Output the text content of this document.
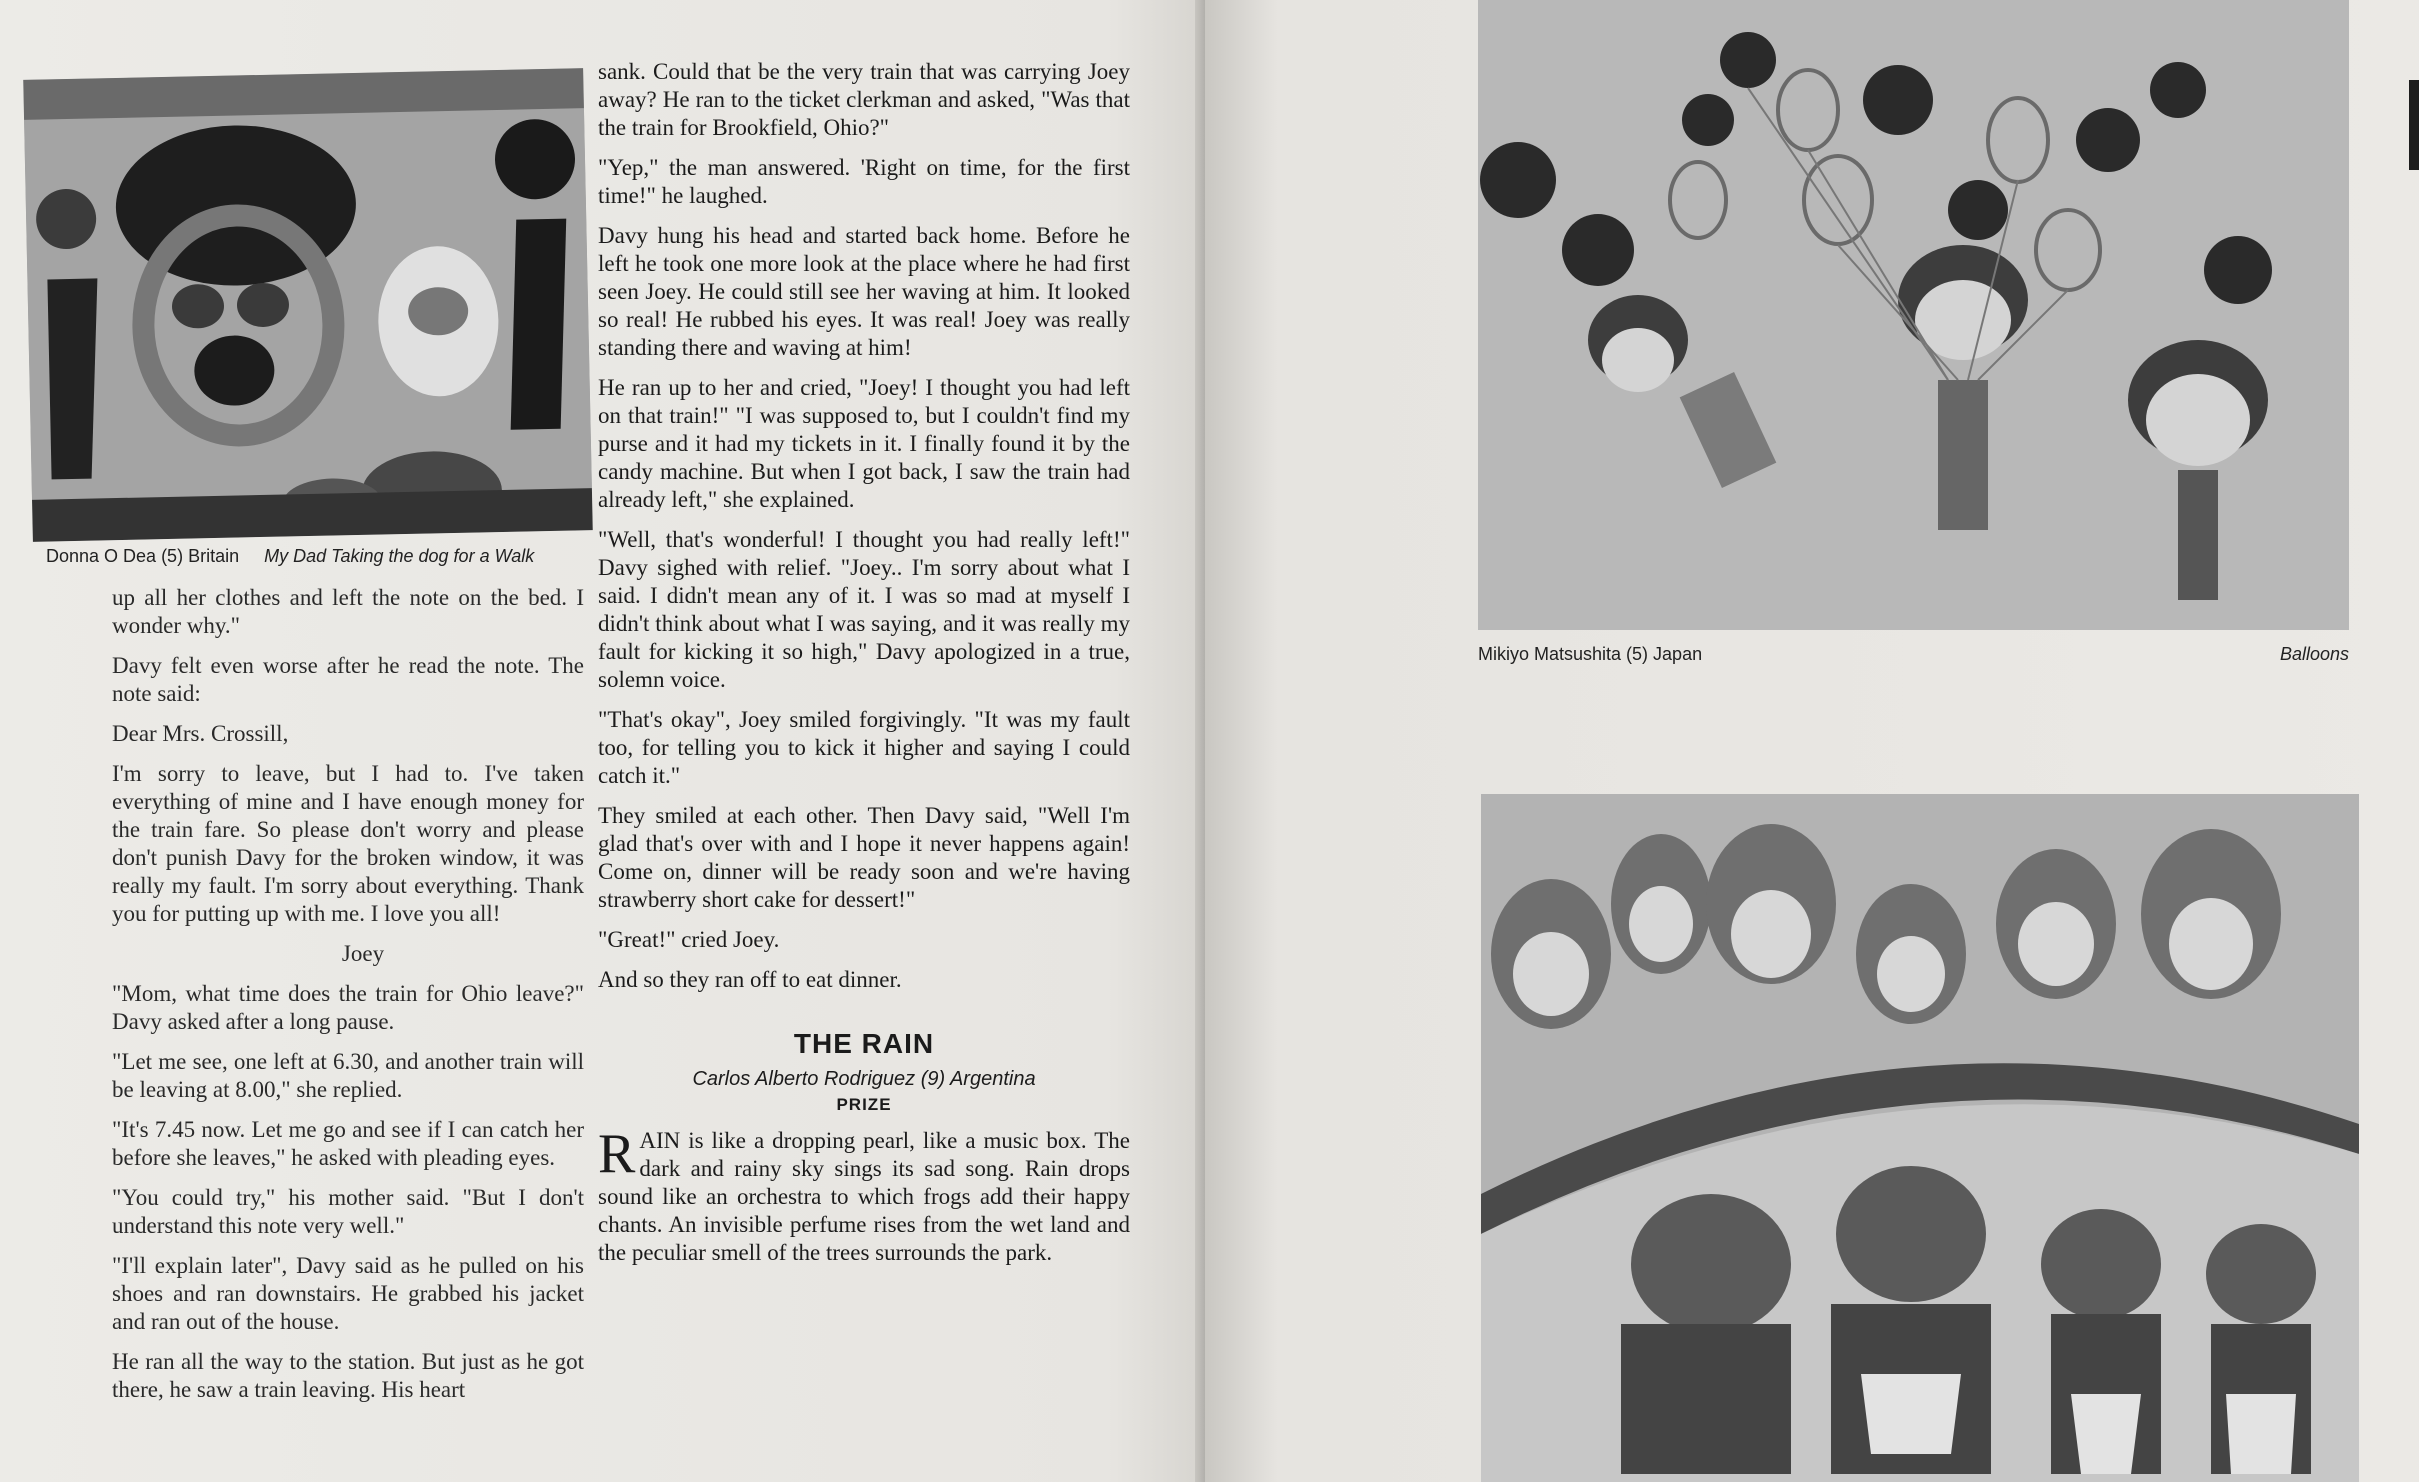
Donna O Dea (5) Britain My Dad Taking the dog for a Walk

up all her clothes and left the note on the bed. I wonder why."

Davy felt even worse after he read the note. The note said:

Dear Mrs. Crossill,

I'm sorry to leave, but I had to. I've taken everything of mine and I have enough money for the train fare. So please don't worry and please don't punish Davy for the broken window, it was really my fault. I'm sorry about everything. Thank you for putting up with me. I love you all!

Joey

"Mom, what time does the train for Ohio leave?" Davy asked after a long pause.

"Let me see, one left at 6.30, and another train will be leaving at 8.00," she replied.

"It's 7.45 now. Let me go and see if I can catch her before she leaves," he asked with pleading eyes.

"You could try," his mother said. "But I don't understand this note very well."

"I'll explain later", Davy said as he pulled on his shoes and ran downstairs. He grabbed his jacket and ran out of the house.

He ran all the way to the station. But just as he got there, he saw a train leaving. His heart

sank. Could that be the very train that was carrying Joey away? He ran to the ticket clerkman and asked, "Was that the train for Brookfield, Ohio?"

"Yep," the man answered. 'Right on time, for the first time!" he laughed.

Davy hung his head and started back home. Before he left he took one more look at the place where he had first seen Joey. He could still see her waving at him. It looked so real! He rubbed his eyes. It was real! Joey was really standing there and waving at him!

He ran up to her and cried, "Joey! I thought you had left on that train!" "I was supposed to, but I couldn't find my purse and it had my tickets in it. I finally found it by the candy machine. But when I got back, I saw the train had already left," she explained.

"Well, that's wonderful! I thought you had really left!" Davy sighed with relief. "Joey.. I'm sorry about what I said. I didn't mean any of it. I was so mad at myself I didn't think about what I was saying, and it was really my fault for kicking it so high," Davy apologized in a true, solemn voice.

"That's okay", Joey smiled forgivingly. "It was my fault too, for telling you to kick it higher and saying I could catch it."

They smiled at each other. Then Davy said, "Well I'm glad that's over with and I hope it never happens again! Come on, dinner will be ready soon and we're having strawberry short cake for dessert!"

"Great!" cried Joey.

And so they ran off to eat dinner.

THE RAIN
Carlos Alberto Rodriguez (9) Argentina
PRIZE

RAIN is like a dropping pearl, like a music box. The dark and rainy sky sings its sad song. Rain drops sound like an orchestra to which frogs add their happy chants. An invisible perfume rises from the wet land and the peculiar smell of the trees surrounds the park.

Mikiyo Matsushita (5) Japan	Balloons
